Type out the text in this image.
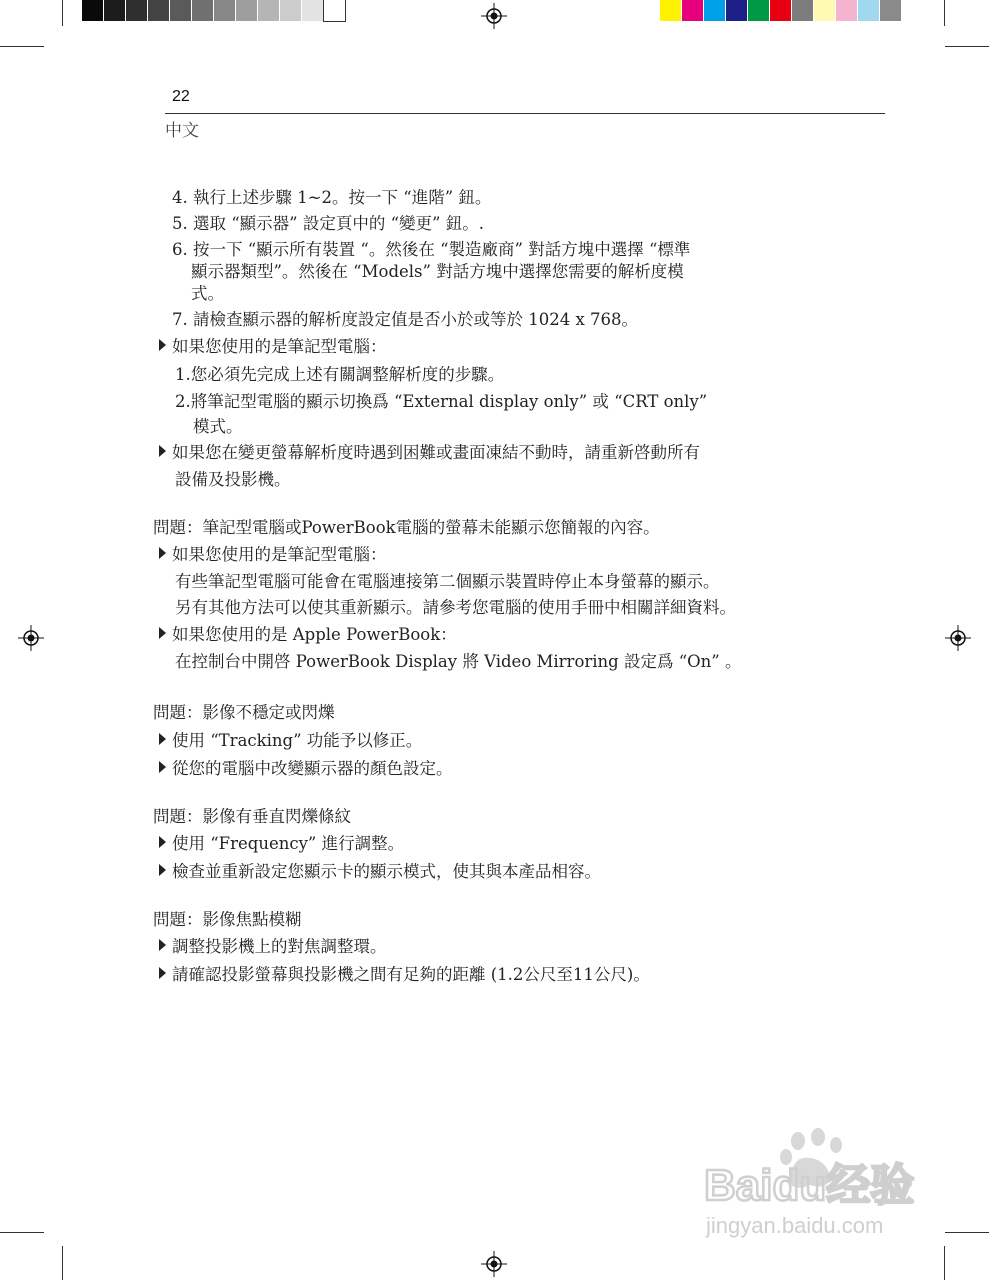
22
中文
4. 執行上述步驟 1~2。按一下 “進階” 鈕。
5. 選取 “顯示器” 設定頁中的 “變更” 鈕。.
6. 按一下 “顯示所有裝置 “。然後在 “製造廠商” 對話方塊中選擇 “標準
顯示器類型”。然後在 “Models” 對話方塊中選擇您需要的解析度模
式。
7. 請檢查顯示器的解析度設定值是否小於或等於 1024 x 768。
如果您使用的是筆記型電腦：
1.您必須先完成上述有關調整解析度的步驟。
2.將筆記型電腦的顯示切換爲 “External display only” 或 “CRT only”
模式。
如果您在變更螢幕解析度時遇到困難或畫面凍結不動時，請重新啓動所有
設備及投影機。
問題：筆記型電腦或PowerBook電腦的螢幕未能顯示您簡報的內容。
如果您使用的是筆記型電腦：
有些筆記型電腦可能會在電腦連接第二個顯示裝置時停止本身螢幕的顯示。
另有其他方法可以使其重新顯示。請參考您電腦的使用手冊中相關詳細資料。
如果您使用的是 Apple PowerBook：
在控制台中開啓 PowerBook Display 將 Video Mirroring 設定爲 “On” 。
問題：影像不穩定或閃爍
使用 “Tracking” 功能予以修正。
從您的電腦中改變顯示器的顏色設定。
問題：影像有垂直閃爍條紋
使用 “Frequency” 進行調整。
檢查並重新設定您顯示卡的顯示模式，使其與本產品相容。
問題：影像焦點模糊
調整投影機上的對焦調整環。
請確認投影螢幕與投影機之間有足夠的距離 (1.2公尺至11公尺)。
Baidu经验
jingyan.baidu.com
